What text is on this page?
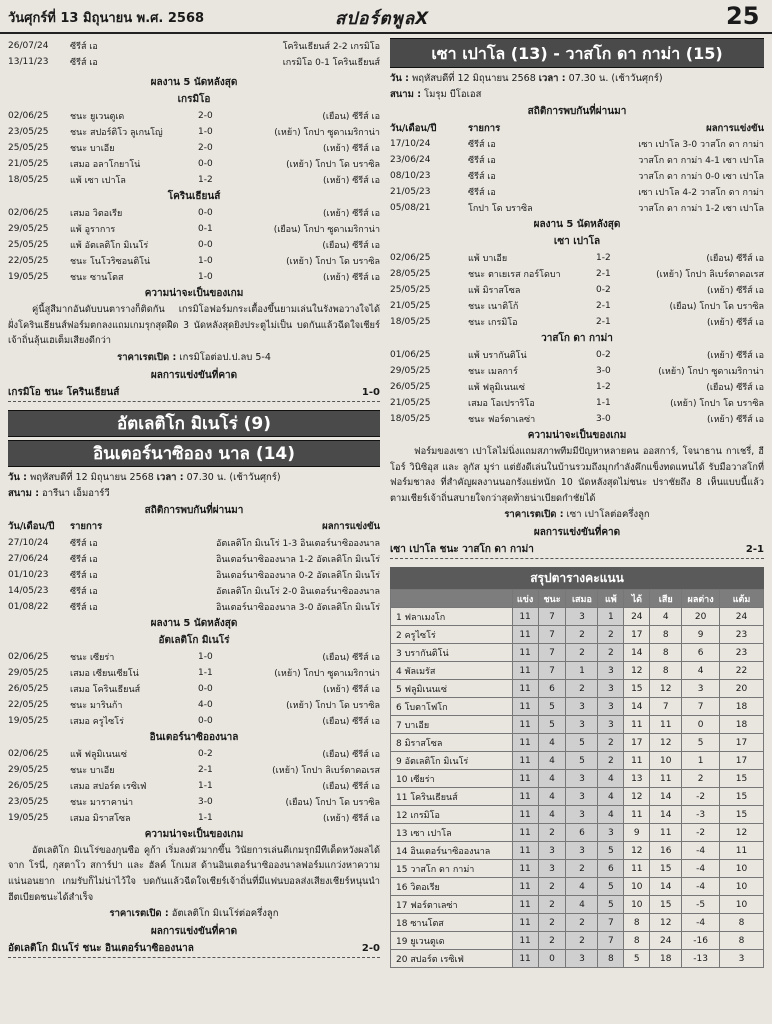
วันศุกร์ที่ 13 มิถุนายน พ.ศ. 2568	สปอร์ตพูลX	25
26/07/24	ซีรีส์ เอ	โครินเธียนส์ 2-2 เกรมิโอ
13/11/23	ซีรีส์ เอ	เกรมิโอ 0-1 โครินเธียนส์
ผลงาน 5 นัดหลังสุด
เกรมิโอ
02/06/25	ชนะ ยูเวนตูเด	2-0	(เยือน) ซีรีส์ เอ
23/05/25	ชนะ สปอร์ติโว ลูเกนโญ่	1-0	(เหย้า) โกปา ซูดาเมริกาน่า
25/05/25	ชนะ บาเอีย	2-0	(เหย้า) ซีรีส์ เอ
21/05/25	เสมอ อลาโกยาโน่	0-0	(เหย้า) โกปา โด บราซิล
18/05/25	แพ้ เซา เปาโล	1-2	(เหย้า) ซีรีส์ เอ
โครินเธียนส์
02/06/25	เสมอ วิตอเรีย	0-0	(เหย้า) ซีรีส์ เอ
29/05/25	แพ้ อูราการ	0-1	(เยือน) โกปา ซูดาเมริกาน่า
25/05/25	แพ้ อัตเลติโก มิเนโร่	0-0	(เยือน) ซีรีส์ เอ
22/05/25	ชนะ โนโวริซอนติโน่	1-0	(เหย้า) โกปา โด บราซิล
19/05/25	ชนะ ซานโตส	1-0	(เหย้า) ซีรีส์ เอ
ความน่าจะเป็นของเกม
คู่นี้สูสีมากอันดับบนตารางก็ติดกัน เกรมิโอฟอร์มกระเตื้องขึ้นยามเล่นในรังพอวางใจได้ ฝั่งโครินเธียนส์ฟอร์มตกลงแถมเกมรุกสุดฝืด 3 นัดหลังสุดยิงประตูไม่เป็น บดกันแล้วฉีดใจเชียร์เจ้าถิ่นลุ้นเฮเต็มเสียงดีกว่า
ราคาเรตเปิด : เกรมิโอต่อป.ป.ลบ 5-4
ผลการแข่งขันที่คาด
เกรมิโอ ชนะ โครินเธียนส์	1-0
อัตเลติโก มิเนโร่ (9)
อินเตอร์นาซิออง นาล (14)
วัน : พฤหัสบดีที่ 12 มิถุนายน 2568 เวลา : 07.30 น. (เช้าวันศุกร์)
สนาม : อารีนา เอ็มอาร์วี
สถิติการพบกันที่ผ่านมา
วัน/เดือน/ปี	รายการ	ผลการแข่งขัน
27/10/24	ซีรีส์ เอ	อัตเลติโก มิเนโร่ 1-3 อินเตอร์นาซิอองนาล
27/06/24	ซีรีส์ เอ	อินเตอร์นาซิอองนาล 1-2 อัตเลติโก มิเนโร่
01/10/23	ซีรีส์ เอ	อินเตอร์นาซิอองนาล 0-2 อัตเลติโก มิเนโร่
14/05/23	ซีรีส์ เอ	อัตเลติโก มิเนโร่ 2-0 อินเตอร์นาซิอองนาล
01/08/22	ซีรีส์ เอ	อินเตอร์นาซิอองนาล 3-0 อัตเลติโก มิเนโร่
ผลงาน 5 นัดหลังสุด
อัตเลติโก มิเนโร่
02/06/25	ชนะ เซียร่า	1-0	(เยือน) ซีรีส์ เอ
29/05/25	เสมอ เซียนเซียโน่	1-1	(เหย้า) โกปา ซูดาเมริกาน่า
26/05/25	เสมอ โครินเธียนส์	0-0	(เหย้า) ซีรีส์ เอ
22/05/25	ชนะ มารินก้า	4-0	(เหย้า) โกปา โด บราซิล
19/05/25	เสมอ ครูไซโร่	0-0	(เยือน) ซีรีส์ เอ
อินเตอร์นาซิอองนาล
02/06/25	แพ้ ฟลูมิเนนเซ่	0-2	(เยือน) ซีรีส์ เอ
29/05/25	ชนะ บาเอีย	2-1	(เหย้า) โกปา ลิเบร์ตาดอเรส
26/05/25	เสมอ สปอร์ต เรซิเฟ่	1-1	(เยือน) ซีรีส์ เอ
23/05/25	ชนะ มาราคาน่า	3-0	(เยือน) โกปา โด บราซิล
19/05/25	เสมอ มิราสโซล	1-1	(เหย้า) ซีรีส์ เอ
ความน่าจะเป็นของเกม
อัตเลติโก มิเนโร่ของกุนซือ คูก้า เริ่มลงตัวมากขึ้น วินัยการเล่นดีเกมรุกมีทีเด็ดหวังผลได้จาก โรนี่, กุสตาโว สการ์ปา และ ฮัลค์ โกเมส ด้านอินเตอร์นาซิอองนาลฟอร์มแกว่งหาความแน่นอนยาก เกมรับก็ไม่น่าไว้ใจ บดกันแล้วฉีดใจเชียร์เจ้าถิ่นที่มีแฟนบอลส่งเสียงเชียร์หนุนนำฮีตเบียดชนะได้สำเร็จ
ราคาเรตเปิด : อัตเลติโก มิเนโร่ต่อครึ่งลูก
ผลการแข่งขันที่คาด
อัตเลติโก มิเนโร่ ชนะ อินเตอร์นาซิอองนาล	2-0
เซา เปาโล (13) - วาสโก ดา กาม่า (15)
วัน : พฤหัสบดีที่ 12 มิถุนายน 2568 เวลา : 07.30 น. (เช้าวันศุกร์)
สนาม : โมรุม บีโอเอส
สถิติการพบกันที่ผ่านมา
วัน/เดือน/ปี	รายการ	ผลการแข่งขัน
17/10/24	ซีรีส์ เอ	เซา เปาโล 3-0 วาสโก ดา กาม่า
23/06/24	ซีรีส์ เอ	วาสโก ดา กาม่า 4-1 เซา เปาโล
08/10/23	ซีรีส์ เอ	วาสโก ดา กาม่า 0-0 เซา เปาโล
21/05/23	ซีรีส์ เอ	เซา เปาโล 4-2 วาสโก ดา กาม่า
05/08/21	โกปา โด บราซิล	วาสโก ดา กาม่า 1-2 เซา เปาโล
ผลงาน 5 นัดหลังสุด
เซา เปาโล
02/06/25	แพ้ บาเอีย	1-2	(เยือน) ซีรีส์ เอ
28/05/25	ชนะ ตาเยเรส กอร์โดบา	2-1	(เหย้า) โกปา ลิเบร์ตาดอเรส
25/05/25	แพ้ มิราสโซล	0-2	(เหย้า) ซีรีส์ เอ
21/05/25	ชนะ เนาติโก้	2-1	(เยือน) โกปา โด บราซิล
18/05/25	ชนะ เกรมิโอ	2-1	(เหย้า) ซีรีส์ เอ
วาสโก ดา กาม่า
01/06/25	แพ้ บรากันติโน่	0-2	(เหย้า) ซีรีส์ เอ
29/05/25	ชนะ เมลการ์	3-0	(เหย้า) โกปา ซูดาเมริกาน่า
26/05/25	แพ้ ฟลูมิเนนเซ่	1-2	(เยือน) ซีรีส์ เอ
21/05/25	เสมอ โอเปราริโอ	1-1	(เหย้า) โกปา โด บราซิล
18/05/25	ชนะ ฟอร์ตาเลซ่า	3-0	(เหย้า) ซีรีส์ เอ
ความน่าจะเป็นของเกม
ฟอร์มของเซา เปาโลไม่นิ่งแถมสภาพทีมมีปัญหาหลายคน ออสการ์, โจนาธาน กาเชรี่, ฮีโอร์ วินิซิอุส และ ลูกัส มูร่า แต่ยังดีเล่นในบ้านรวมถึงมุกกำลังคึกแข็งทดแทนได้ รับมือวาสโกที่ฟอร์มชาลง ที่สำคัญผลงานนอกรังแย่หนัก 10 นัดหลังสุดไม่ชนะ ปราชัยถึง 8 เห็นแบบนี้แล้วตามเชียร์เจ้าถิ่นสบายใจกว่าสุดท้ายน่าเบียดกำชัยได้
ราคาเรตเปิด : เซา เปาโลต่อครึ่งลูก
ผลการแข่งขันที่คาด
เซา เปาโล ชนะ วาสโก ดา กาม่า	2-1
สรุปตารางคะแนน
	แข่ง	ชนะ	เสมอ	แพ้	ได้	เสีย	ผลต่าง	แต้ม
1 ฟลาเมงโก	11	7	3	1	24	4	20	24
2 ครูไซโร่	11	7	2	2	17	8	9	23
3 บรากันติโน่	11	7	2	2	14	8	6	23
4 พัลเมรัส	11	7	1	3	12	8	4	22
5 ฟลูมิเนนเซ่	11	6	2	3	15	12	3	20
6 โบตาโฟโก	11	5	3	3	14	7	7	18
7 บาเอีย	11	5	3	3	11	11	0	18
8 มิราสโซล	11	4	5	2	17	12	5	17
9 อัตเลติโก มิเนโร่	11	4	5	2	11	10	1	17
10 เซียร่า	11	4	3	4	13	11	2	15
11 โครินเธียนส์	11	4	3	4	12	14	-2	15
12 เกรมิโอ	11	4	3	4	11	14	-3	15
13 เซา เปาโล	11	2	6	3	9	11	-2	12
14 อินเตอร์นาซิอองนาล	11	3	3	5	12	16	-4	11
15 วาสโก ดา กาม่า	11	3	2	6	11	15	-4	10
16 วิตอเรีย	11	2	4	5	10	14	-4	10
17 ฟอร์ตาเลซ่า	11	2	4	5	10	15	-5	10
18 ซานโตส	11	2	2	7	8	12	-4	8
19 ยูเวนตูเด	11	2	2	7	8	24	-16	8
20 สปอร์ต เรซิเฟ่	11	0	3	8	5	18	-13	3
